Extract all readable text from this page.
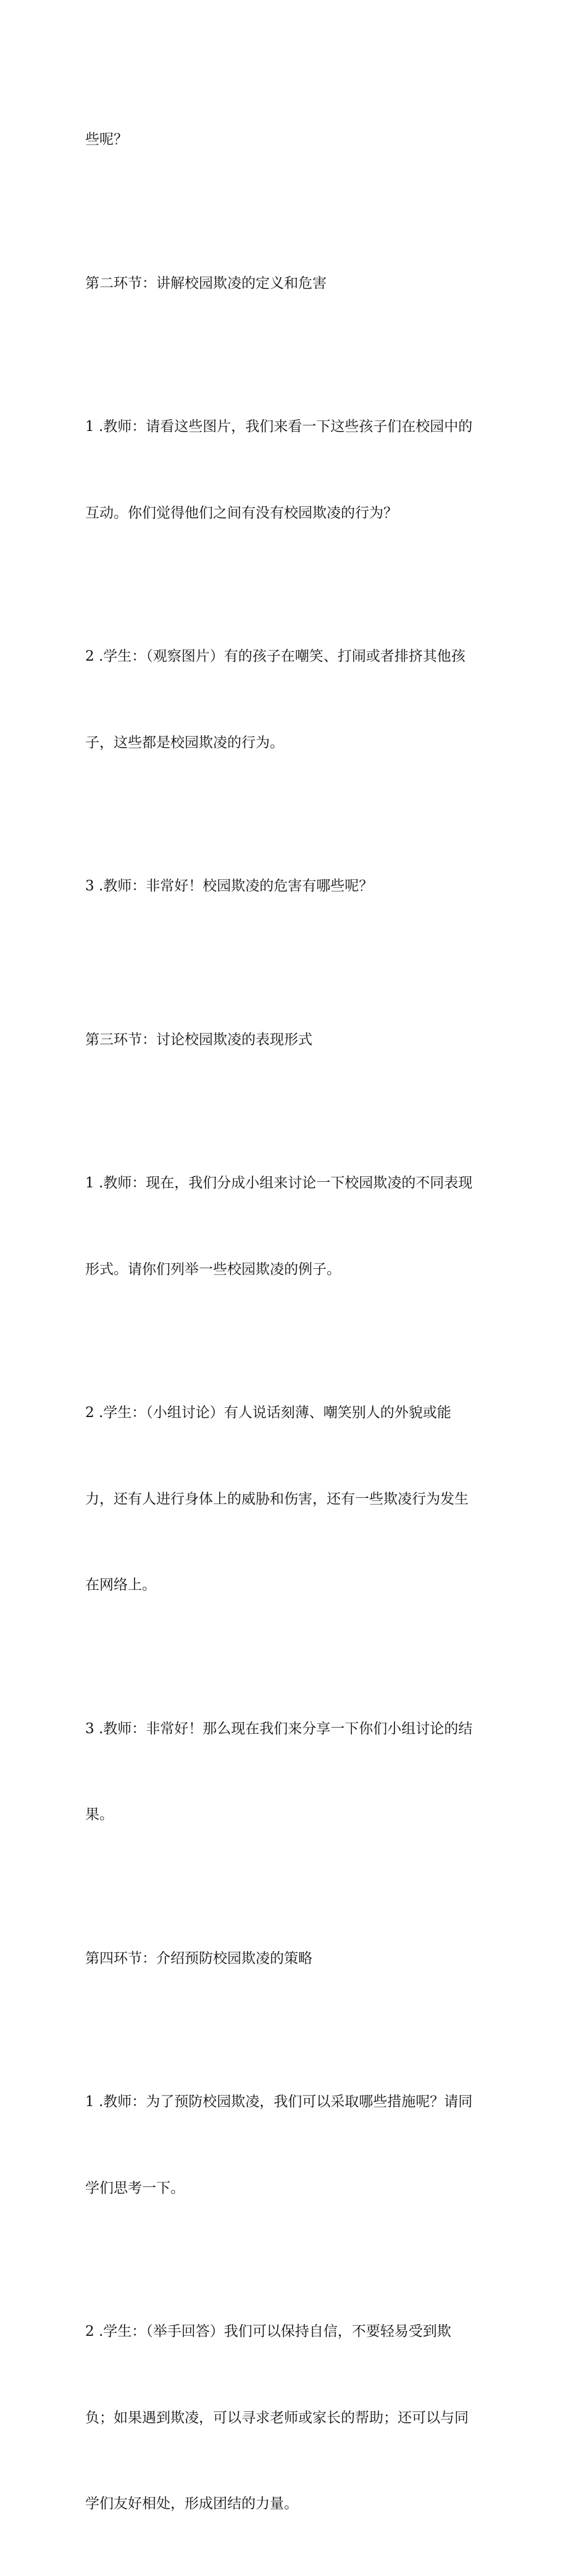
些呢？

第二环节：讲解校园欺凌的定义和危害

1 .教师：请看这些图片，我们来看一下这些孩子们在校园中的

互动。你们觉得他们之间有没有校园欺凌的行为？

2 .学生：（观察图片）有的孩子在嘲笑、打闹或者排挤其他孩

子，这些都是校园欺凌的行为。

3 .教师：非常好！校园欺凌的危害有哪些呢？

第三环节：讨论校园欺凌的表现形式

1 .教师：现在，我们分成小组来讨论一下校园欺凌的不同表现

形式。请你们列举一些校园欺凌的例子。

2 .学生：（小组讨论）有人说话刻薄、嘲笑别人的外貌或能

力，还有人进行身体上的威胁和伤害，还有一些欺凌行为发生

在网络上。

3 .教师：非常好！那么现在我们来分享一下你们小组讨论的结

果。

第四环节：介绍预防校园欺凌的策略

1 .教师：为了预防校园欺凌，我们可以采取哪些措施呢？请同

学们思考一下。

2 .学生：（举手回答）我们可以保持自信，不要轻易受到欺

负；如果遇到欺凌，可以寻求老师或家长的帮助；还可以与同

学们友好相处，形成团结的力量。
